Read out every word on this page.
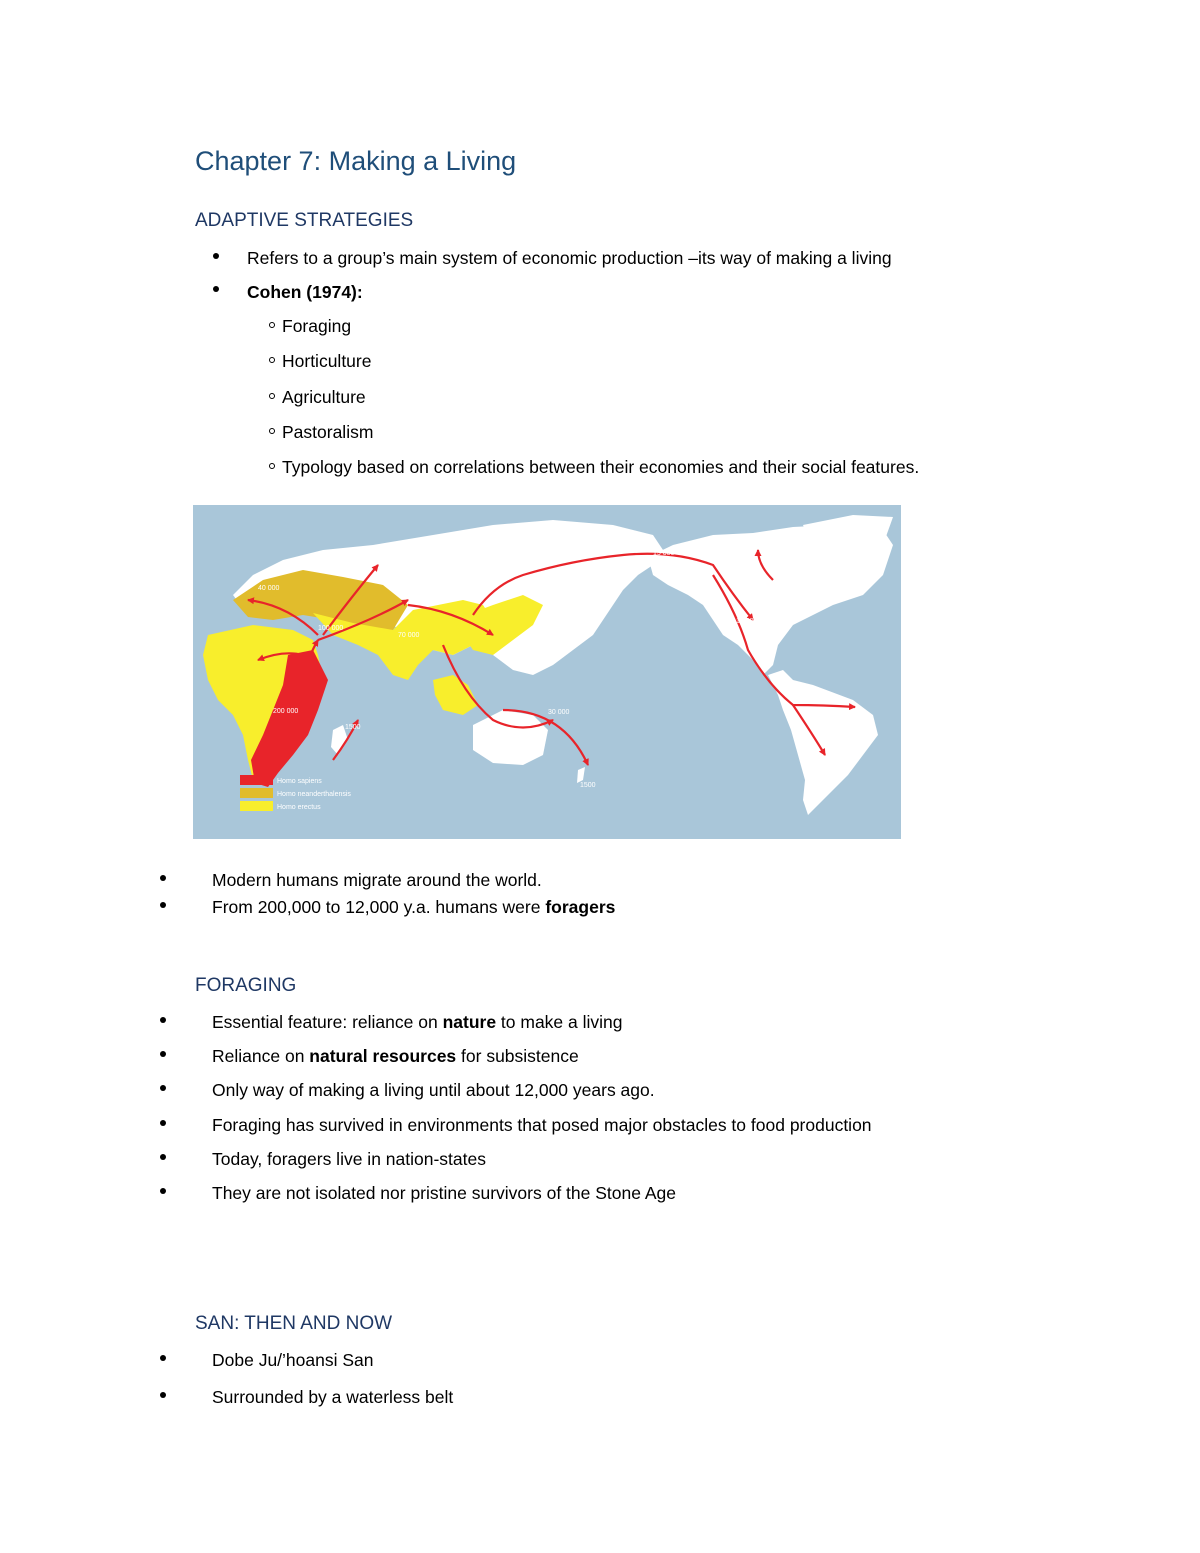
Chapter 7: Making a Living
ADAPTIVE STRATEGIES
Refers to a group’s main system of economic production –its way of making a living
Cohen (1974):
Foraging
Horticulture
Agriculture
Pastoralism
Typology based on correlations between their economies and their social features.
200 000
100 000
70 000
40 000
25 000
50 000
30 000
15 000
12 000
4500
1500
1500
Homo sapiens
Homo neanderthalensis
Homo erectus
Modern humans migrate around the world.
From 200,000 to 12,000 y.a. humans were foragers
FORAGING
Essential feature: reliance on nature to make a living
Reliance on natural resources for subsistence
Only way of making a living until about 12,000 years ago.
Foraging has survived in environments that posed major obstacles to food production
Today, foragers live in nation-states
They are not isolated nor pristine survivors of the Stone Age
SAN: THEN AND NOW
Dobe Ju/’hoansi San
Surrounded by a waterless belt
